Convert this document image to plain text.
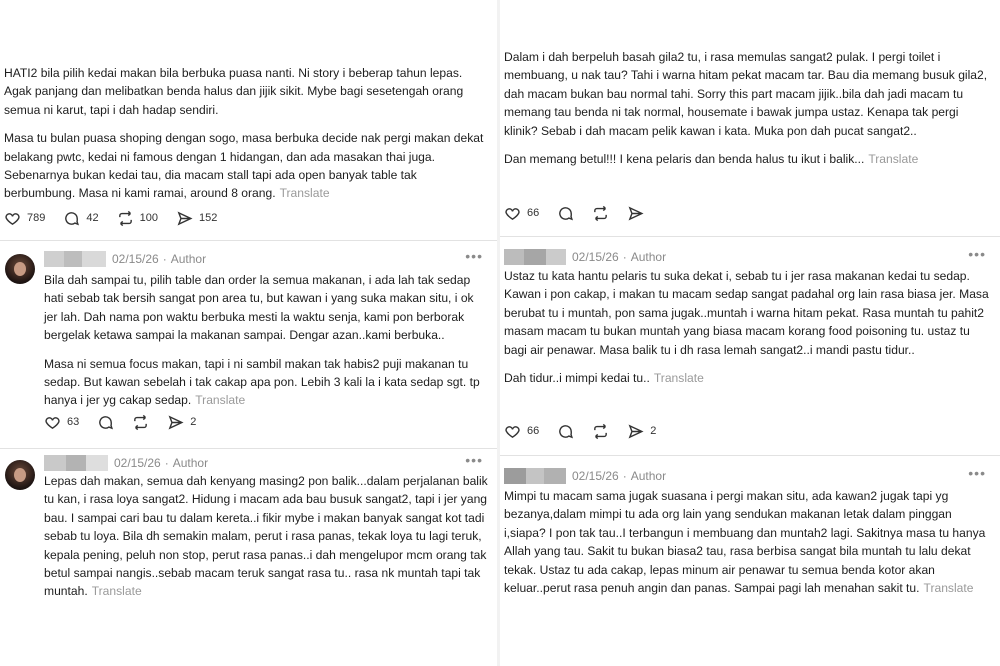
HATI2 bila pilih kedai makan bila berbuka puasa nanti. Ni story i beberap tahun lepas. Agak panjang dan melibatkan benda halus dan jijik sikit. Mybe bagi sesetengah orang semua ni karut, tapi i dah hadap sendiri.

Masa tu bulan puasa shoping dengan sogo, masa berbuka decide nak pergi makan dekat belakang pwtc, kedai ni famous dengan 1 hidangan, dan ada masakan thai juga. Sebenarnya bukan kedai tau, dia macam stall tapi ada open banyak table tak berbumbung. Masa ni kami ramai, around 8 orang. Translate

789	42	100	152
02/15/26 · Author	•••

Bila dah sampai tu, pilih table dan order la semua makanan, i ada lah tak sedap hati sebab tak bersih sangat pon area tu, but kawan i yang suka makan situ, i ok jer lah. Dah nama pon waktu berbuka mesti la waktu senja, kami pon berborak bergelak ketawa sampai la makanan sampai. Dengar azan..kami berbuka..

Masa ni semua focus makan, tapi i ni sambil makan tak habis2 puji makanan tu sedap. But kawan sebelah i tak cakap apa pon. Lebih 3 kali la i kata sedap sgt. tp hanya i jer yg cakap sedap. Translate

63	2
02/15/26 · Author	•••

Lepas dah makan, semua dah kenyang masing2 pon balik...dalam perjalanan balik tu kan, i rasa loya sangat2. Hidung i macam ada bau busuk sangat2, tapi i jer yang bau. I sampai cari bau tu dalam kereta..i fikir mybe i makan banyak sangat kot tadi sebab tu loya. Bila dh semakin malam, perut i rasa panas, tekak loya tu lagi teruk, kepala pening, peluh non stop, perut rasa panas..i dah mengelupor mcm orang tak betul sampai nangis..sebab macam teruk sangat rasa tu.. rasa nk muntah tapi tak muntah. Translate

Dalam i dah berpeluh basah gila2 tu, i rasa memulas sangat2 pulak. I pergi toilet i membuang, u nak tau? Tahi i warna hitam pekat macam tar. Bau dia memang busuk gila2, dah macam bukan bau normal tahi. Sorry this part macam jijik..bila dah jadi macam tu memang tau benda ni tak normal, housemate i bawak jumpa ustaz. Kenapa tak pergi klinik? Sebab i dah macam pelik kawan i kata. Muka pon dah pucat sangat2..

Dan memang betul!!! I kena pelaris dan benda halus tu ikut i balik... Translate

66
02/15/26 · Author	•••

Ustaz tu kata hantu pelaris tu suka dekat i, sebab tu i jer rasa makanan kedai tu sedap. Kawan i pon cakap, i makan tu macam sedap sangat padahal org lain rasa biasa jer. Masa berubat tu i muntah, pon sama jugak..muntah i warna hitam pekat. Rasa muntah tu pahit2 masam macam tu bukan muntah yang biasa macam korang food poisoning tu. ustaz tu bagi air penawar. Masa balik tu i dh rasa lemah sangat2..i mandi pastu tidur..

Dah tidur..i mimpi kedai tu.. Translate

66	2
02/15/26 · Author	•••

Mimpi tu macam sama jugak suasana i pergi makan situ, ada kawan2 jugak tapi yg bezanya,dalam mimpi tu ada org lain yang sendukan makanan letak dalam pinggan i,siapa? I pon tak tau..I terbangun i membuang dan muntah2 lagi. Sakitnya masa tu hanya Allah yang tau. Sakit tu bukan biasa2 tau, rasa berbisa sangat bila muntah tu lalu dekat tekak. Ustaz tu ada cakap, lepas minum air penawar tu semua benda kotor akan keluar..perut rasa penuh angin dan panas. Sampai pagi lah menahan sakit tu. Translate
